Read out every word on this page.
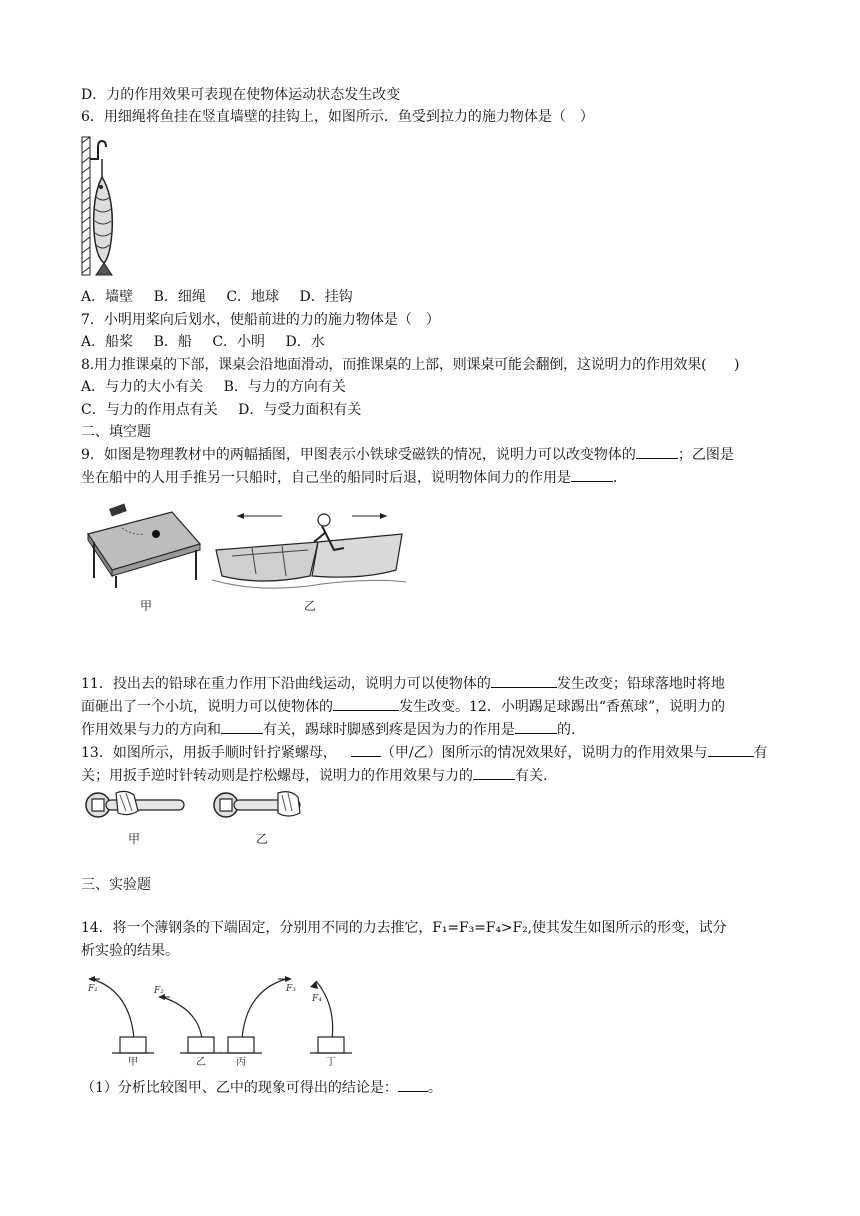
D．力的作用效果可表现在使物体运动状态发生改变
6．用细绳将鱼挂在竖直墙壁的挂钩上，如图所示．鱼受到拉力的施力物体是（　）
A．墙壁 B．细绳 C．地球 D．挂钩
7．小明用桨向后划水，使船前进的力的施力物体是（　）
A．船桨 B．船 C．小明 D．水
8.用力推课桌的下部，课桌会沿地面滑动，而推课桌的上部，则课桌可能会翻倒，这说明力的作用效果(　　)
A．与力的大小有关 B．与力的方向有关
C．与力的作用点有关 D．与受力面积有关
二、填空题
9．如图是物理教材中的两幅插图，甲图表示小铁球受磁铁的情况，说明力可以改变物体的	；乙图是
坐在船中的人用手推另一只船时，自己坐的船同时后退，说明物体间力的作用是	．
甲	乙
11．投出去的铅球在重力作用下沿曲线运动，说明力可以使物体的	发生改变；铅球落地时将地
面砸出了一个小坑，说明力可以使物体的	发生改变。12．小明踢足球踢出“香蕉球”，说明力的
作用效果与力的方向和	有关，踢球时脚感到疼是因为力的作用是	的.
13．如图所示，用扳手顺时针拧紧螺母，	（甲/乙）图所示的情况效果好，说明力的作用效果与	有
关；用扳手逆时针转动则是拧松螺母，说明力的作用效果与力的	有关.
甲	乙
三、实验题
14．将一个薄钢条的下端固定，分别用不同的力去推它，F₁=F₃=F₄>F₂,使其发生如图所示的形变，试分
析实验的结果。
F₁	F₂	F₃
F₄
甲	乙	丙	丁
（1）分析比较图甲、乙中的现象可得出的结论是： 。
